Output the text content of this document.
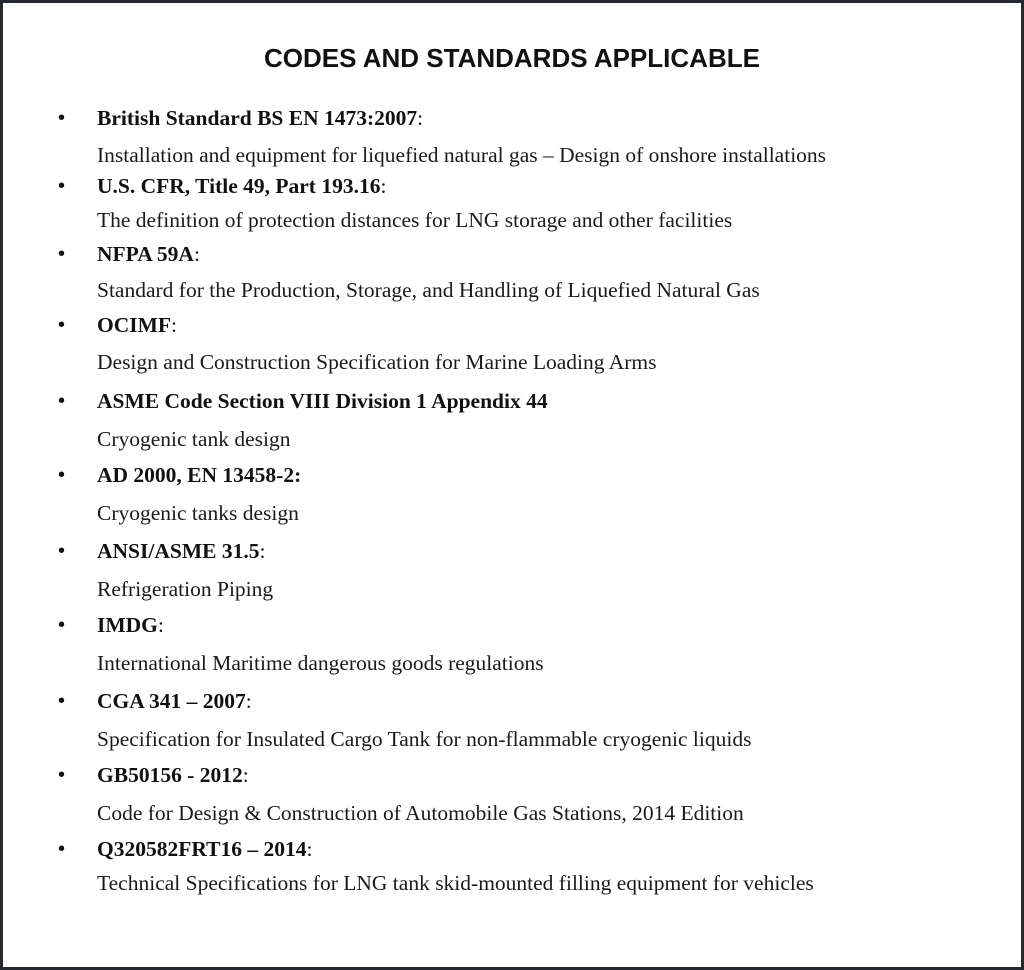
CODES AND STANDARDS APPLICABLE
• British Standard BS EN 1473:2007:
Installation and equipment for liquefied natural gas – Design of onshore installations
• U.S. CFR, Title 49, Part 193.16:
The definition of protection distances for LNG storage and other facilities
• NFPA 59A:
Standard for the Production, Storage, and Handling of Liquefied Natural Gas
• OCIMF:
Design and Construction Specification for Marine Loading Arms
• ASME Code Section VIII Division 1 Appendix 44
Cryogenic tank design
• AD 2000, EN 13458-2:
Cryogenic tanks design
• ANSI/ASME 31.5:
Refrigeration Piping
• IMDG:
International Maritime dangerous goods regulations
• CGA 341 – 2007:
Specification for Insulated Cargo Tank for non-flammable cryogenic liquids
• GB50156 - 2012:
Code for Design & Construction of Automobile Gas Stations, 2014 Edition
• Q320582FRT16 – 2014:
Technical Specifications for LNG tank skid-mounted filling equipment for vehicles
